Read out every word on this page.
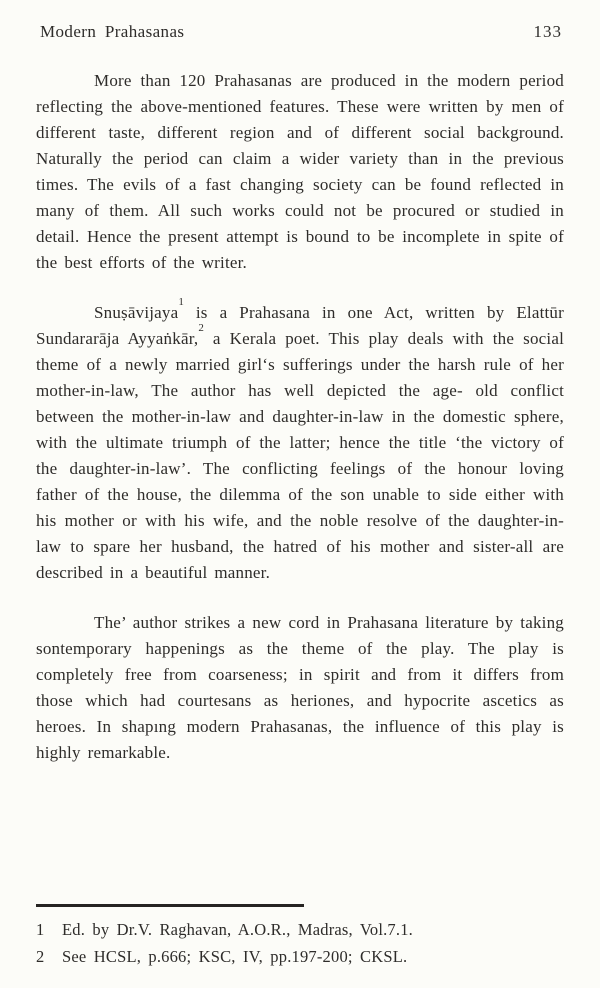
Modern Prahasanas	133

More than 120 Prahasanas are produced in the modern period reflecting the above-mentioned features. These were written by men of different taste, different region and of different social background. Naturally the period can claim a wider variety than in the previous times. The evils of a fast changing society can be found reflected in many of them. All such works could not be procured or studied in detail. Hence the present attempt is bound to be incomplete in spite of the best efforts of the writer.

Snuṣāvijaya$^1$ is a Prahasana in one Act, written by Elattūr Sundararāja Ayyaṅkār,$^2$ a Kerala poet. This play deals with the social theme of a newly married girl‘s sufferings under the harsh rule of her mother-in-law, The author has well depicted the age- old conflict between the mother-in-law and daughter-in-law in the domestic sphere, with the ultimate triumph of the latter; hence the title ‘the victory of the daughter-in-law’. The conflicting feelings of the honour loving father of the house, the dilemma of the son unable to side either with his mother or with his wife, and the noble resolve of the daughter-in-law to spare her husband, the hatred of his mother and sister-all are described in a beautiful manner.

The’ author strikes a new cord in Prahasana literature by taking sontemporary happenings as the theme of the play. The play is completely free from coarseness; in spirit and from it differs from those which had courtesans as heriones, and hypocrite ascetics as heroes. In shapıng modern Prahasanas, the influence of this play is highly remarkable.

1	Ed. by Dr.V. Raghavan, A.O.R., Madras, Vol.7.1.
2	See HCSL, p.666; KSC, IV, pp.197-200; CKSL.
